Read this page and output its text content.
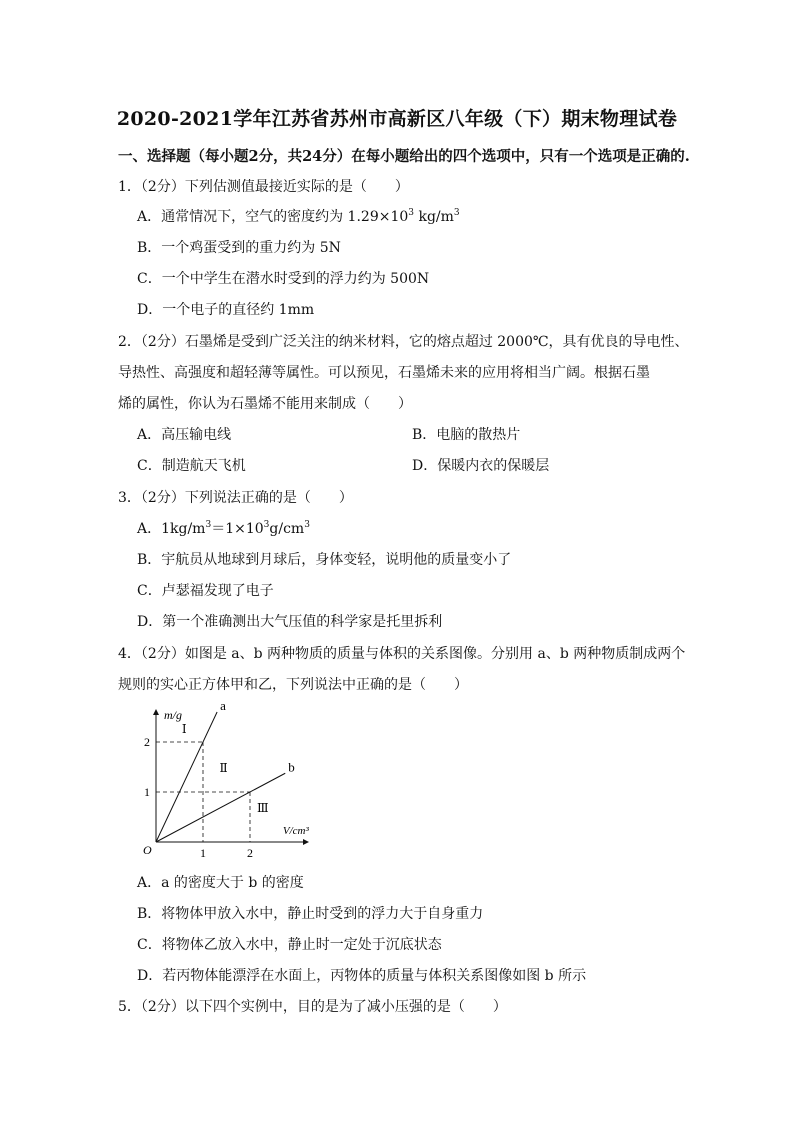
2020-2021学年江苏省苏州市高新区八年级（下）期末物理试卷
一、选择题（每小题2分，共24分）在每小题给出的四个选项中，只有一个选项是正确的.
1．（2分）下列估测值最接近实际的是（　　）
A．通常情况下，空气的密度约为 $1.29\times 10^3$ $kg/m^3$
B．一个鸡蛋受到的重力约为 5N
C．一个中学生在潜水时受到的浮力约为 500N
D．一个电子的直径约 1mm
2．（2分）石墨烯是受到广泛关注的纳米材料，它的熔点超过 2000℃，具有优良的导电性、
导热性、高强度和超轻薄等属性。可以预见，石墨烯未来的应用将相当广阔。根据石墨
烯的属性，你认为石墨烯不能用来制成（　　）
A．高压输电线	B．电脑的散热片
C．制造航天飞机	D．保暖内衣的保暖层
3．（2分）下列说法正确的是（　　）
A．$1kg/m^3=1\times 10^3g/cm^3$
B．宇航员从地球到月球后，身体变轻，说明他的质量变小了
C．卢瑟福发现了电子
D．第一个准确测出大气压值的科学家是托里拆利
4．（2分）如图是 a、b 两种物质的质量与体积的关系图像。分别用 a、b 两种物质制成两个
规则的实心正方体甲和乙，下列说法中正确的是（　　）
a
b
1	2
1
2
m/g
V/cm³
O
Ⅰ
Ⅱ
Ⅲ
A．a 的密度大于 b 的密度
B．将物体甲放入水中，静止时受到的浮力大于自身重力
C．将物体乙放入水中，静止时一定处于沉底状态
D．若丙物体能漂浮在水面上，丙物体的质量与体积关系图像如图 b 所示
5．（2分）以下四个实例中，目的是为了减小压强的是（　　）
